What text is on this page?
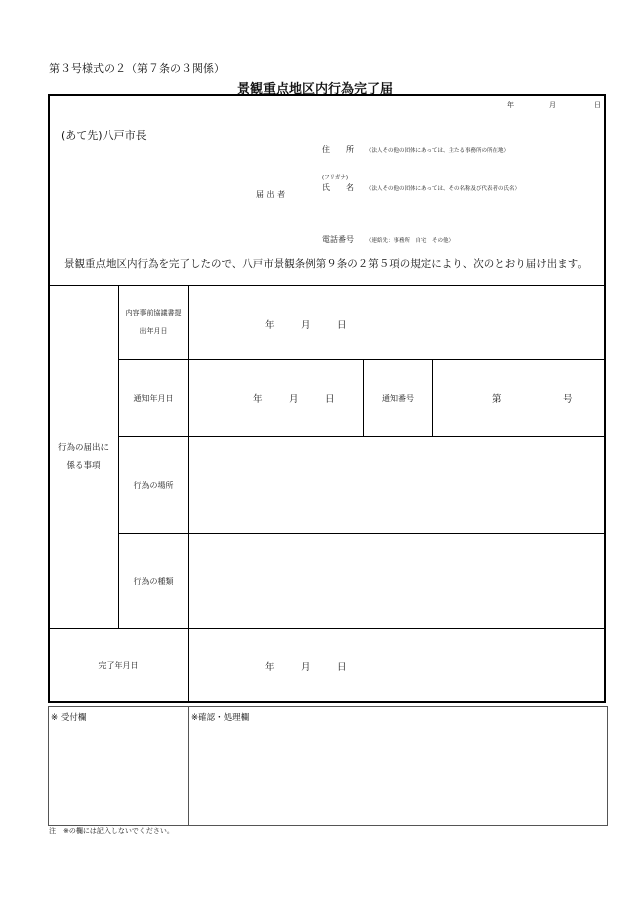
第３号様式の２（第７条の３関係）
景観重点地区内行為完了届
年	月	日
(あて先)八戸市長
住　　所 （法人その他の団体にあっては、主たる事務所の所在地）
(フリガナ)
氏　　名 （法人その他の団体にあっては、その名称及び代表者の氏名）
届 出 者
電話番号 （連絡先：事務所　自宅　その他）
景観重点地区内行為を完了したので、八戸市景観条例第９条の２第５項の規定により、次のとおり届け出ます。
行為の届出に係る事項
内容事前協議書提出年月日	年	月	日
通知年月日	年	月	日	通知番号	第	号
行為の場所
行為の種類
完了年月日	年	月	日
※ 受付欄	※確認・処理欄
注　※の欄には記入しないでください。
